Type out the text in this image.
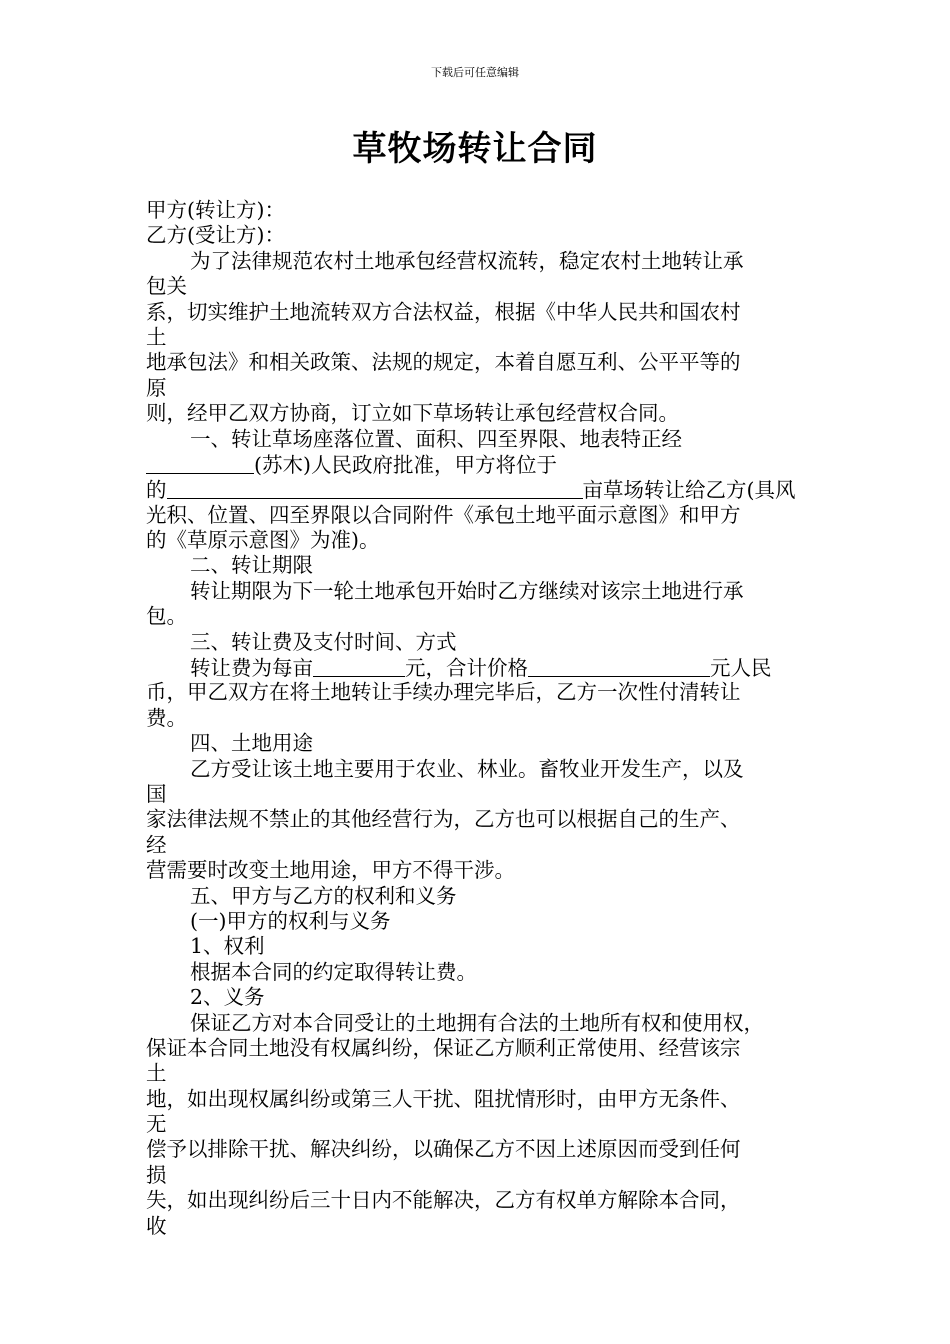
下载后可任意编辑
草牧场转让合同
甲方(转让方)：
乙方(受让方)：
为了法律规范农村土地承包经营权流转，稳定农村土地转让承
包关
系，切实维护土地流转双方合法权益，根据《中华人民共和国农村
土
地承包法》和相关政策、法规的规定，本着自愿互利、公平平等的
原
则，经甲乙双方协商，订立如下草场转让承包经营权合同。
一、转让草场座落位置、面积、四至界限、地表特正经
(苏木)人民政府批准，甲方将位于
的	亩草场转让给乙方(具风
光积、位置、四至界限以合同附件《承包土地平面示意图》和甲方
的《草原示意图》为准)。
二、转让期限
转让期限为下一轮土地承包开始时乙方继续对该宗土地进行承
包。
三、转让费及支付时间、方式
转让费为每亩	元，合计价格	元人民
币，甲乙双方在将土地转让手续办理完毕后，乙方一次性付清转让
费。
四、土地用途
乙方受让该土地主要用于农业、林业。畜牧业开发生产，以及
国
家法律法规不禁止的其他经营行为，乙方也可以根据自己的生产、
经
营需要时改变土地用途，甲方不得干涉。
五、甲方与乙方的权利和义务
(一)甲方的权利与义务
1、权利
根据本合同的约定取得转让费。
2、义务
保证乙方对本合同受让的土地拥有合法的土地所有权和使用权，
保证本合同土地没有权属纠纷，保证乙方顺利正常使用、经营该宗
土
地，如出现权属纠纷或第三人干扰、阻扰情形时，由甲方无条件、
无
偿予以排除干扰、解决纠纷，以确保乙方不因上述原因而受到任何
损
失，如出现纠纷后三十日内不能解决，乙方有权单方解除本合同，
收
